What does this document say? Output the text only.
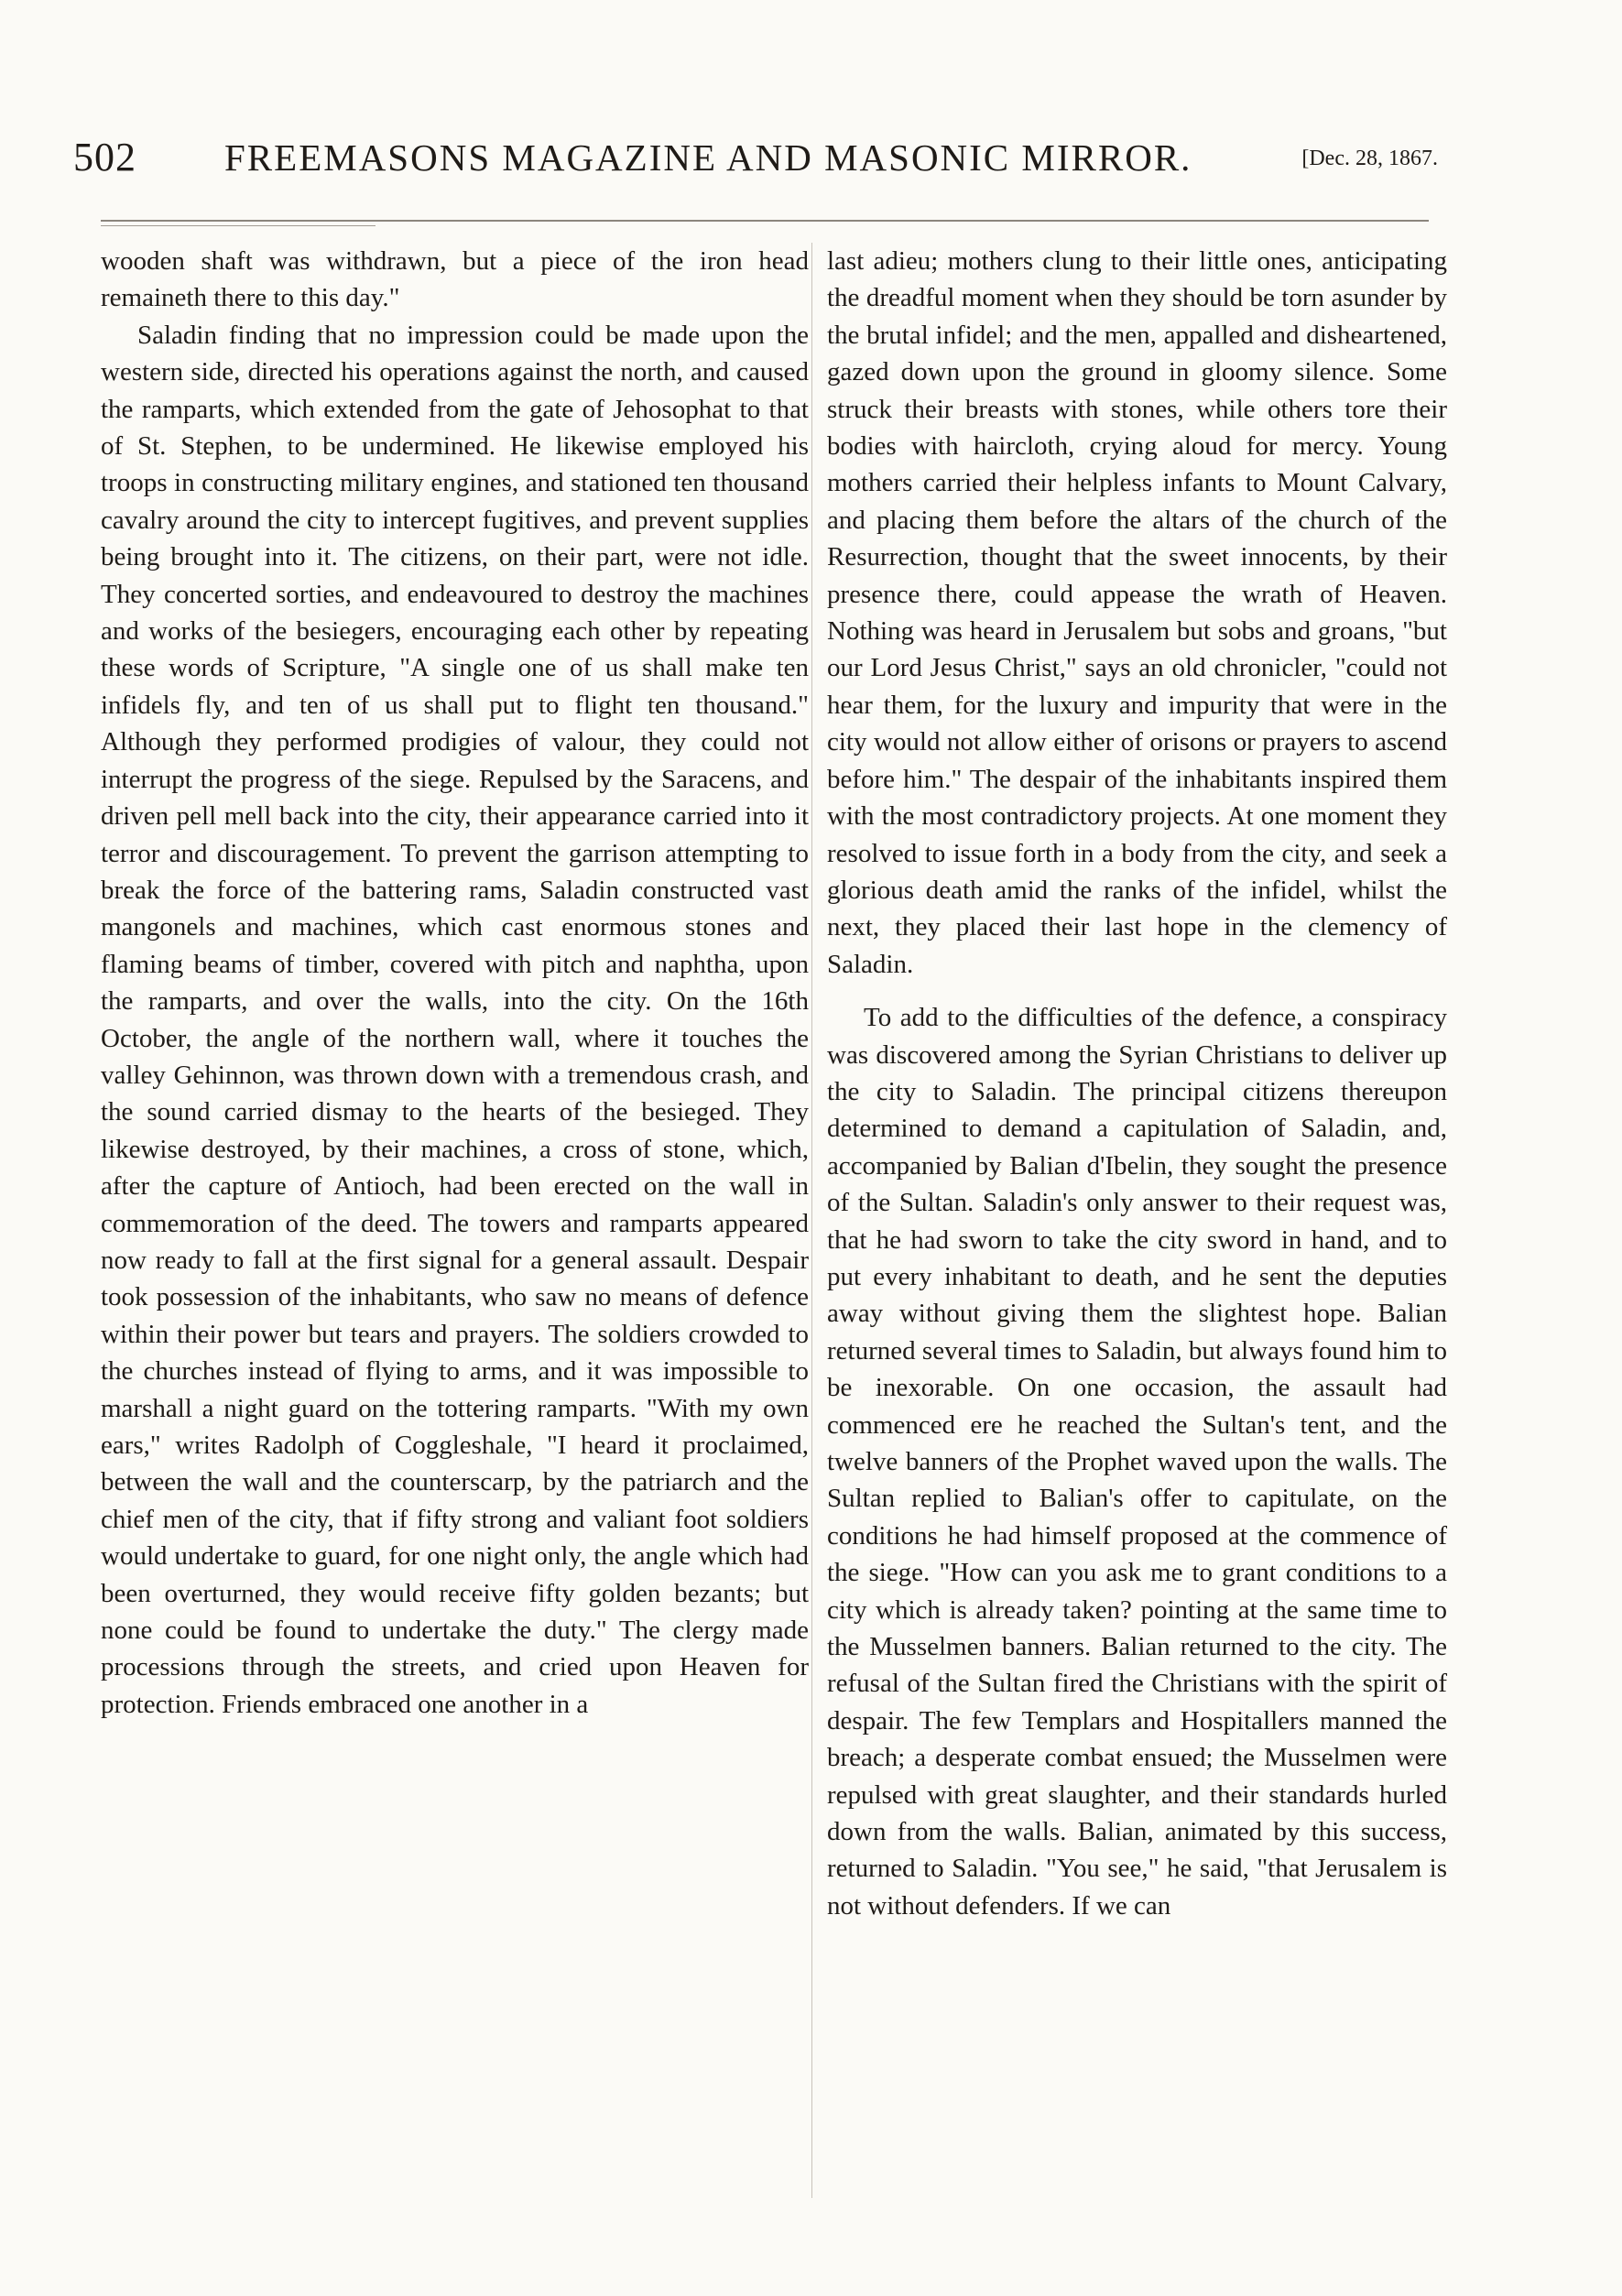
502 FREEMASONS MAGAZINE AND MASONIC MIRROR.	[Dec. 28, 1867.

wooden shaft was withdrawn, but a piece of the iron head remaineth there to this day."

Saladin finding that no impression could be made upon the western side, directed his operations against the north, and caused the ramparts, which extended from the gate of Jehosophat to that of St. Stephen, to be undermined. He likewise employed his troops in constructing military engines, and stationed ten thousand cavalry around the city to intercept fugitives, and prevent supplies being brought into it. The citizens, on their part, were not idle. They concerted sorties, and endeavoured to destroy the machines and works of the besiegers, encouraging each other by repeating these words of Scripture, "A single one of us shall make ten infidels fly, and ten of us shall put to flight ten thousand." Although they performed prodigies of valour, they could not interrupt the progress of the siege. Repulsed by the Saracens, and driven pell mell back into the city, their appearance carried into it terror and discouragement. To prevent the garrison attempting to break the force of the battering rams, Saladin constructed vast mangonels and machines, which cast enormous stones and flaming beams of timber, covered with pitch and naphtha, upon the ramparts, and over the walls, into the city. On the 16th October, the angle of the northern wall, where it touches the valley Gehinnon, was thrown down with a tremendous crash, and the sound carried dismay to the hearts of the besieged. They likewise destroyed, by their machines, a cross of stone, which, after the capture of Antioch, had been erected on the wall in commemoration of the deed. The towers and ramparts appeared now ready to fall at the first signal for a general assault. Despair took possession of the inhabitants, who saw no means of defence within their power but tears and prayers. The soldiers crowded to the churches instead of flying to arms, and it was impossible to marshall a night guard on the tottering ramparts. "With my own ears," writes Radolph of Coggleshale, "I heard it proclaimed, between the wall and the counterscarp, by the patriarch and the chief men of the city, that if fifty strong and valiant foot soldiers would undertake to guard, for one night only, the angle which had been overturned, they would receive fifty golden bezants; but none could be found to undertake the duty." The clergy made processions through the streets, and cried upon Heaven for protection. Friends embraced one another in a

last adieu; mothers clung to their little ones, anticipating the dreadful moment when they should be torn asunder by the brutal infidel; and the men, appalled and disheartened, gazed down upon the ground in gloomy silence. Some struck their breasts with stones, while others tore their bodies with haircloth, crying aloud for mercy. Young mothers carried their helpless infants to Mount Calvary, and placing them before the altars of the church of the Resurrection, thought that the sweet innocents, by their presence there, could appease the wrath of Heaven. Nothing was heard in Jerusalem but sobs and groans, "but our Lord Jesus Christ," says an old chronicler, "could not hear them, for the luxury and impurity that were in the city would not allow either of orisons or prayers to ascend before him." The despair of the inhabitants inspired them with the most contradictory projects. At one moment they resolved to issue forth in a body from the city, and seek a glorious death amid the ranks of the infidel, whilst the next, they placed their last hope in the clemency of Saladin.

To add to the difficulties of the defence, a conspiracy was discovered among the Syrian Christians to deliver up the city to Saladin. The principal citizens thereupon determined to demand a capitulation of Saladin, and, accompanied by Balian d'Ibelin, they sought the presence of the Sultan. Saladin's only answer to their request was, that he had sworn to take the city sword in hand, and to put every inhabitant to death, and he sent the deputies away without giving them the slightest hope. Balian returned several times to Saladin, but always found him to be inexorable. On one occasion, the assault had commenced ere he reached the Sultan's tent, and the twelve banners of the Prophet waved upon the walls. The Sultan replied to Balian's offer to capitulate, on the conditions he had himself proposed at the commence of the siege. "How can you ask me to grant conditions to a city which is already taken? pointing at the same time to the Musselmen banners. Balian returned to the city. The refusal of the Sultan fired the Christians with the spirit of despair. The few Templars and Hospitallers manned the breach; a desperate combat ensued; the Musselmen were repulsed with great slaughter, and their standards hurled down from the walls. Balian, animated by this success, returned to Saladin. "You see," he said, "that Jerusalem is not without defenders. If we can
